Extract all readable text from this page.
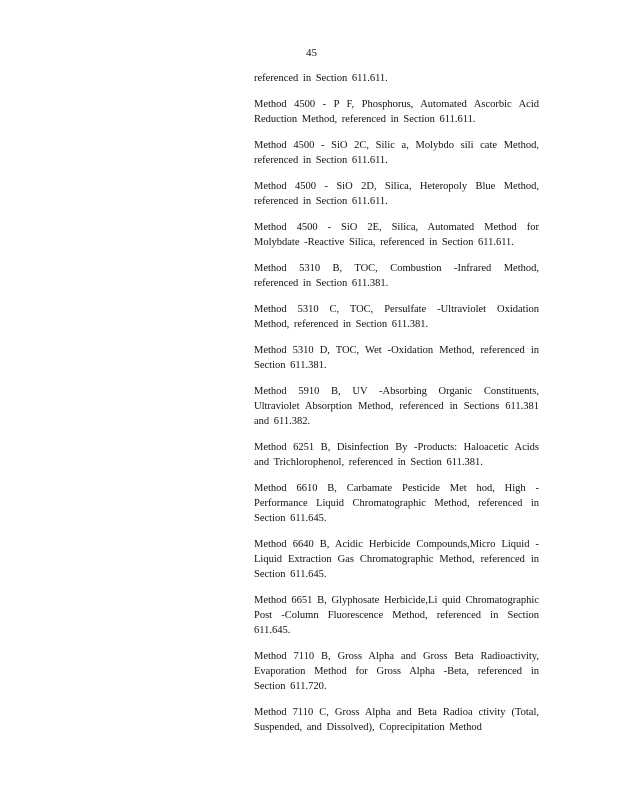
45

referenced in Section 611.611.

Method 4500 - P F, Phosphorus, Automated Ascorbic Acid Reduction Method, referenced in Section 611.611.

Method 4500 - SiO 2C, Silic a, Molybdo sili cate Method, referenced in Section 611.611.

Method 4500 - SiO 2D, Silica, Heteropoly Blue Method, referenced in Section 611.611.

Method 4500 - SiO 2E, Silica, Automated Method for Molybdate -Reactive Silica, referenced in Section 611.611.

Method 5310 B, TOC, Combustion -Infrared Method, referenced in Section 611.381.

Method 5310 C, TOC, Persulfate -Ultraviolet Oxidation Method, referenced in Section 611.381.

Method 5310 D, TOC, Wet -Oxidation Method, referenced in Section 611.381.

Method 5910 B, UV -Absorbing Organic Constituents, Ultraviolet Absorption Method, referenced in Sections 611.381 and 611.382.

Method 6251 B, Disinfection By -Products: Haloacetic Acids and Trichlorophenol, referenced in Section 611.381.

Method 6610 B, Carbamate Pesticide Met hod, High - Performance Liquid Chromatographic Method, referenced in Section 611.645.

Method 6640 B, Acidic Herbicide Compounds,Micro Liquid -Liquid Extraction Gas Chromatographic Method, referenced in Section 611.645.

Method 6651 B, Glyphosate Herbicide,Li quid Chromatographic Post -Column Fluorescence Method, referenced in Section 611.645.

Method 7110 B, Gross Alpha and Gross Beta Radioactivity, Evaporation Method for Gross Alpha -Beta, referenced in Section 611.720.

Method 7110 C, Gross Alpha and Beta Radioa ctivity (Total, Suspended, and Dissolved), Coprecipitation Method
